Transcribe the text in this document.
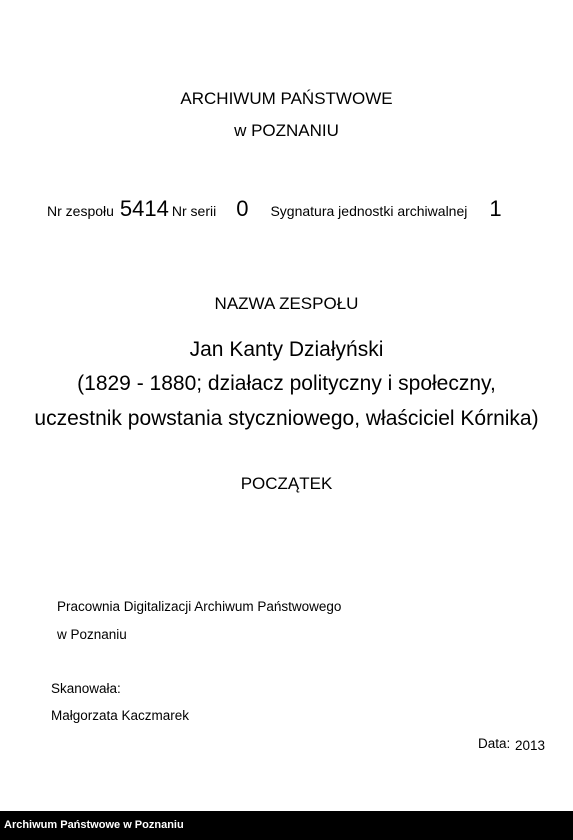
ARCHIWUM PAŃSTWOWE
w POZNANIU
Nr zespołu 5414 Nr serii 0 Sygnatura jednostki archiwalnej 1
NAZWA ZESPOŁU
Jan Kanty Działyński
(1829 - 1880; działacz polityczny i społeczny,
uczestnik powstania styczniowego, właściciel Kórnika)
POCZĄTEK
Pracownia Digitalizacji Archiwum Państwowego
w Poznaniu
Skanowała:
Małgorzata Kaczmarek
Data: 2013
Archiwum Państwowe w Poznaniu
